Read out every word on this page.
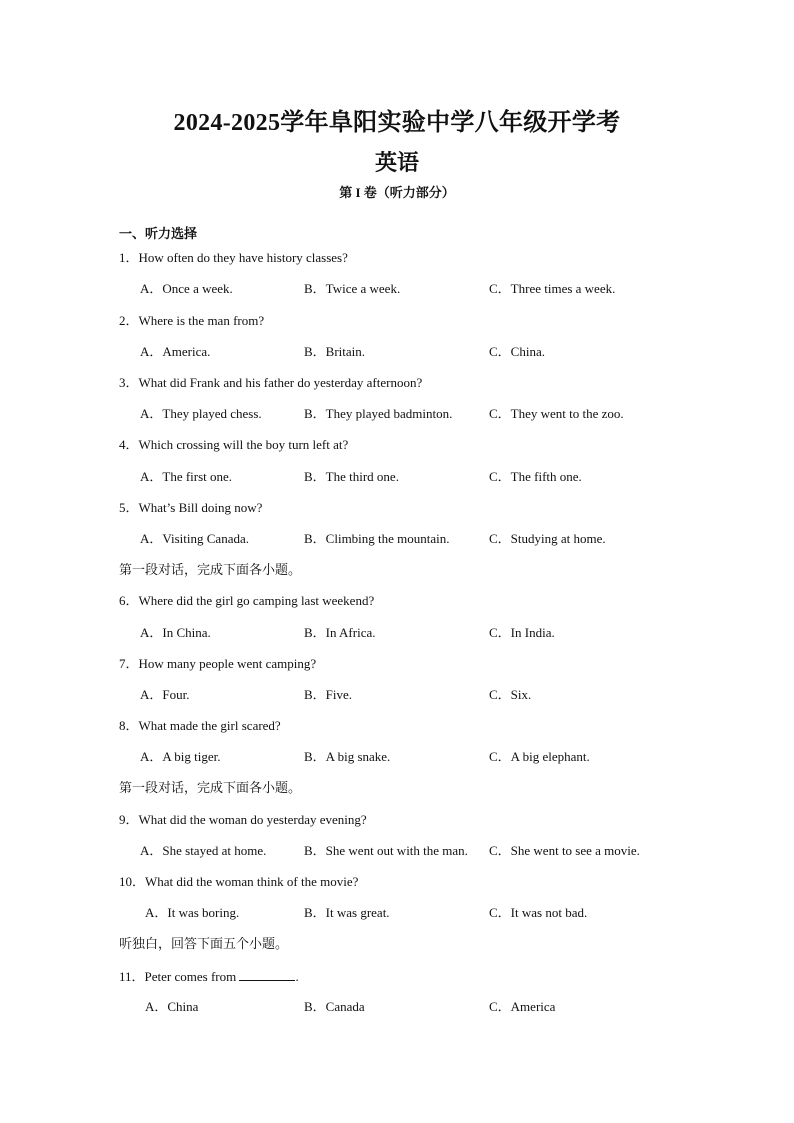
2024-2025学年阜阳实验中学八年级开学考
英语
第 I 卷（听力部分）
一、听力选择
1．How often do they have history classes?
A．Once a week.	B．Twice a week.	C．Three times a week.
2．Where is the man from?
A．America.	B．Britain.	C．China.
3．What did Frank and his father do yesterday afternoon?
A．They played chess.	B．They played badminton.	C．They went to the zoo.
4．Which crossing will the boy turn left at?
A．The first one.	B．The third one.	C．The fifth one.
5．What’s Bill doing now?
A．Visiting Canada.	B．Climbing the mountain.	C．Studying at home.
第一段对话，完成下面各小题。
6．Where did the girl go camping last weekend?
A．In China.	B．In Africa.	C．In India.
7．How many people went camping?
A．Four.	B．Five.	C．Six.
8．What made the girl scared?
A．A big tiger.	B．A big snake.	C．A big elephant.
第一段对话，完成下面各小题。
9．What did the woman do yesterday evening?
A．She stayed at home.	B．She went out with the man. C．She went to see a movie.
10．What did the woman think of the movie?
A．It was boring.	B．It was great.	C．It was not bad.
听独白，回答下面五个小题。
11．Peter comes from	.
A．China	B．Canada	C．America
